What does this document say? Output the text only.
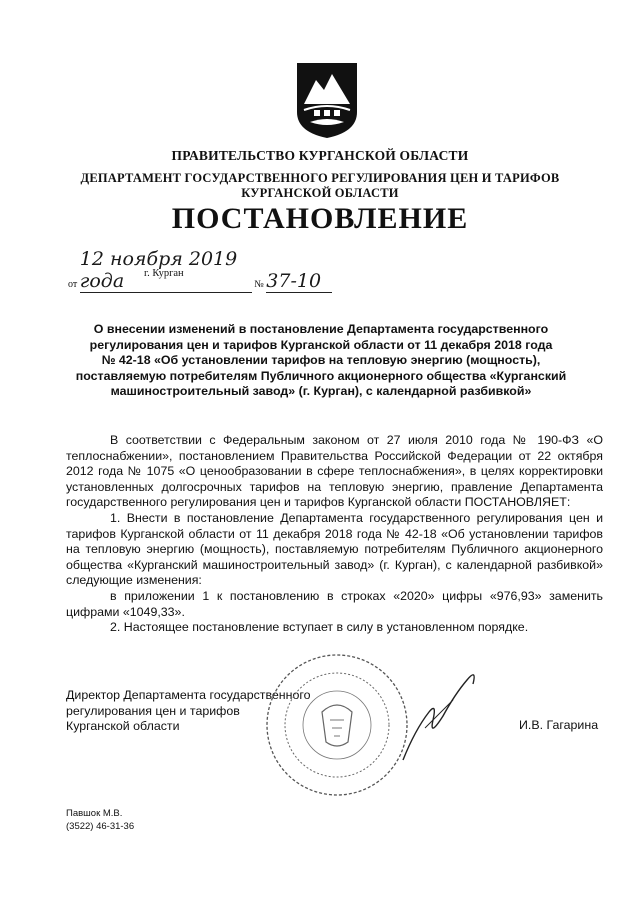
ПРАВИТЕЛЬСТВО КУРГАНСКОЙ ОБЛАСТИ
ДЕПАРТАМЕНТ ГОСУДАРСТВЕННОГО РЕГУЛИРОВАНИЯ ЦЕН И ТАРИФОВ
КУРГАНСКОЙ ОБЛАСТИ
ПОСТАНОВЛЕНИЕ
от 12 ноября 2019 года	№ 37-10
г. Курган
О внесении изменений в постановление Департамента государственного
регулирования цен и тарифов Курганской области от 11 декабря 2018 года
№ 42-18 «Об установлении тарифов на тепловую энергию (мощность),
поставляемую потребителям Публичного акционерного общества «Курганский
машиностроительный завод» (г. Курган), с календарной разбивкой»

В соответствии с Федеральным законом от 27 июля 2010 года № 190-ФЗ «О теплоснабжении», постановлением Правительства Российской Федерации от 22 октября 2012 года № 1075 «О ценообразовании в сфере теплоснабжения», в целях корректировки установленных долгосрочных тарифов на тепловую энергию, правление Департамента государственного регулирования цен и тарифов Курганской области ПОСТАНОВЛЯЕТ:

1. Внести в постановление Департамента государственного регулирования цен и тарифов Курганской области от 11 декабря 2018 года № 42-18 «Об установлении тарифов на тепловую энергию (мощность), поставляемую потребителям Публичного акционерного общества «Курганский машиностроительный завод» (г. Курган), с календарной разбивкой» следующие изменения:

в приложении 1 к постановлению в строках «2020» цифры «976,93» заменить цифрами «1049,33».

2. Настоящее постановление вступает в силу в установленном порядке.

Директор Департамента государственного
регулирования цен и тарифов
Курганской области	И.В. Гагарина
Павшок М.В.
(3522) 46-31-36
